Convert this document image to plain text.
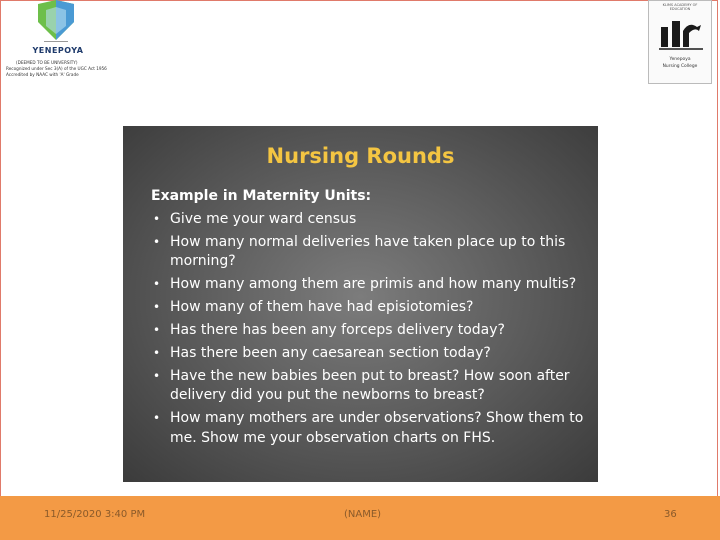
YENEPOYA
(DEEMED TO BE UNIVERSITY)
Recognized under Sec 3(A) of the UGC Act 1956
Accredited by NAAC with 'A' Grade
KLIMS ACADEMY OF EDUCATION
Yenepoya
Nursing College
Nursing Rounds
Example in Maternity Units:
• Give me your ward census
• How many normal deliveries have taken place up to this morning?
• How many among them are primis and how many multis?
• How many of them have had episiotomies?
• Has there has been any forceps delivery today?
• Has there been any caesarean section today?
• Have the new babies been put to breast? How soon after delivery did you put the newborns to breast?
• How many mothers are under observations? Show them to me. Show me your observation charts on FHS.
11/25/2020 3:40 PM	(NAME)	36
